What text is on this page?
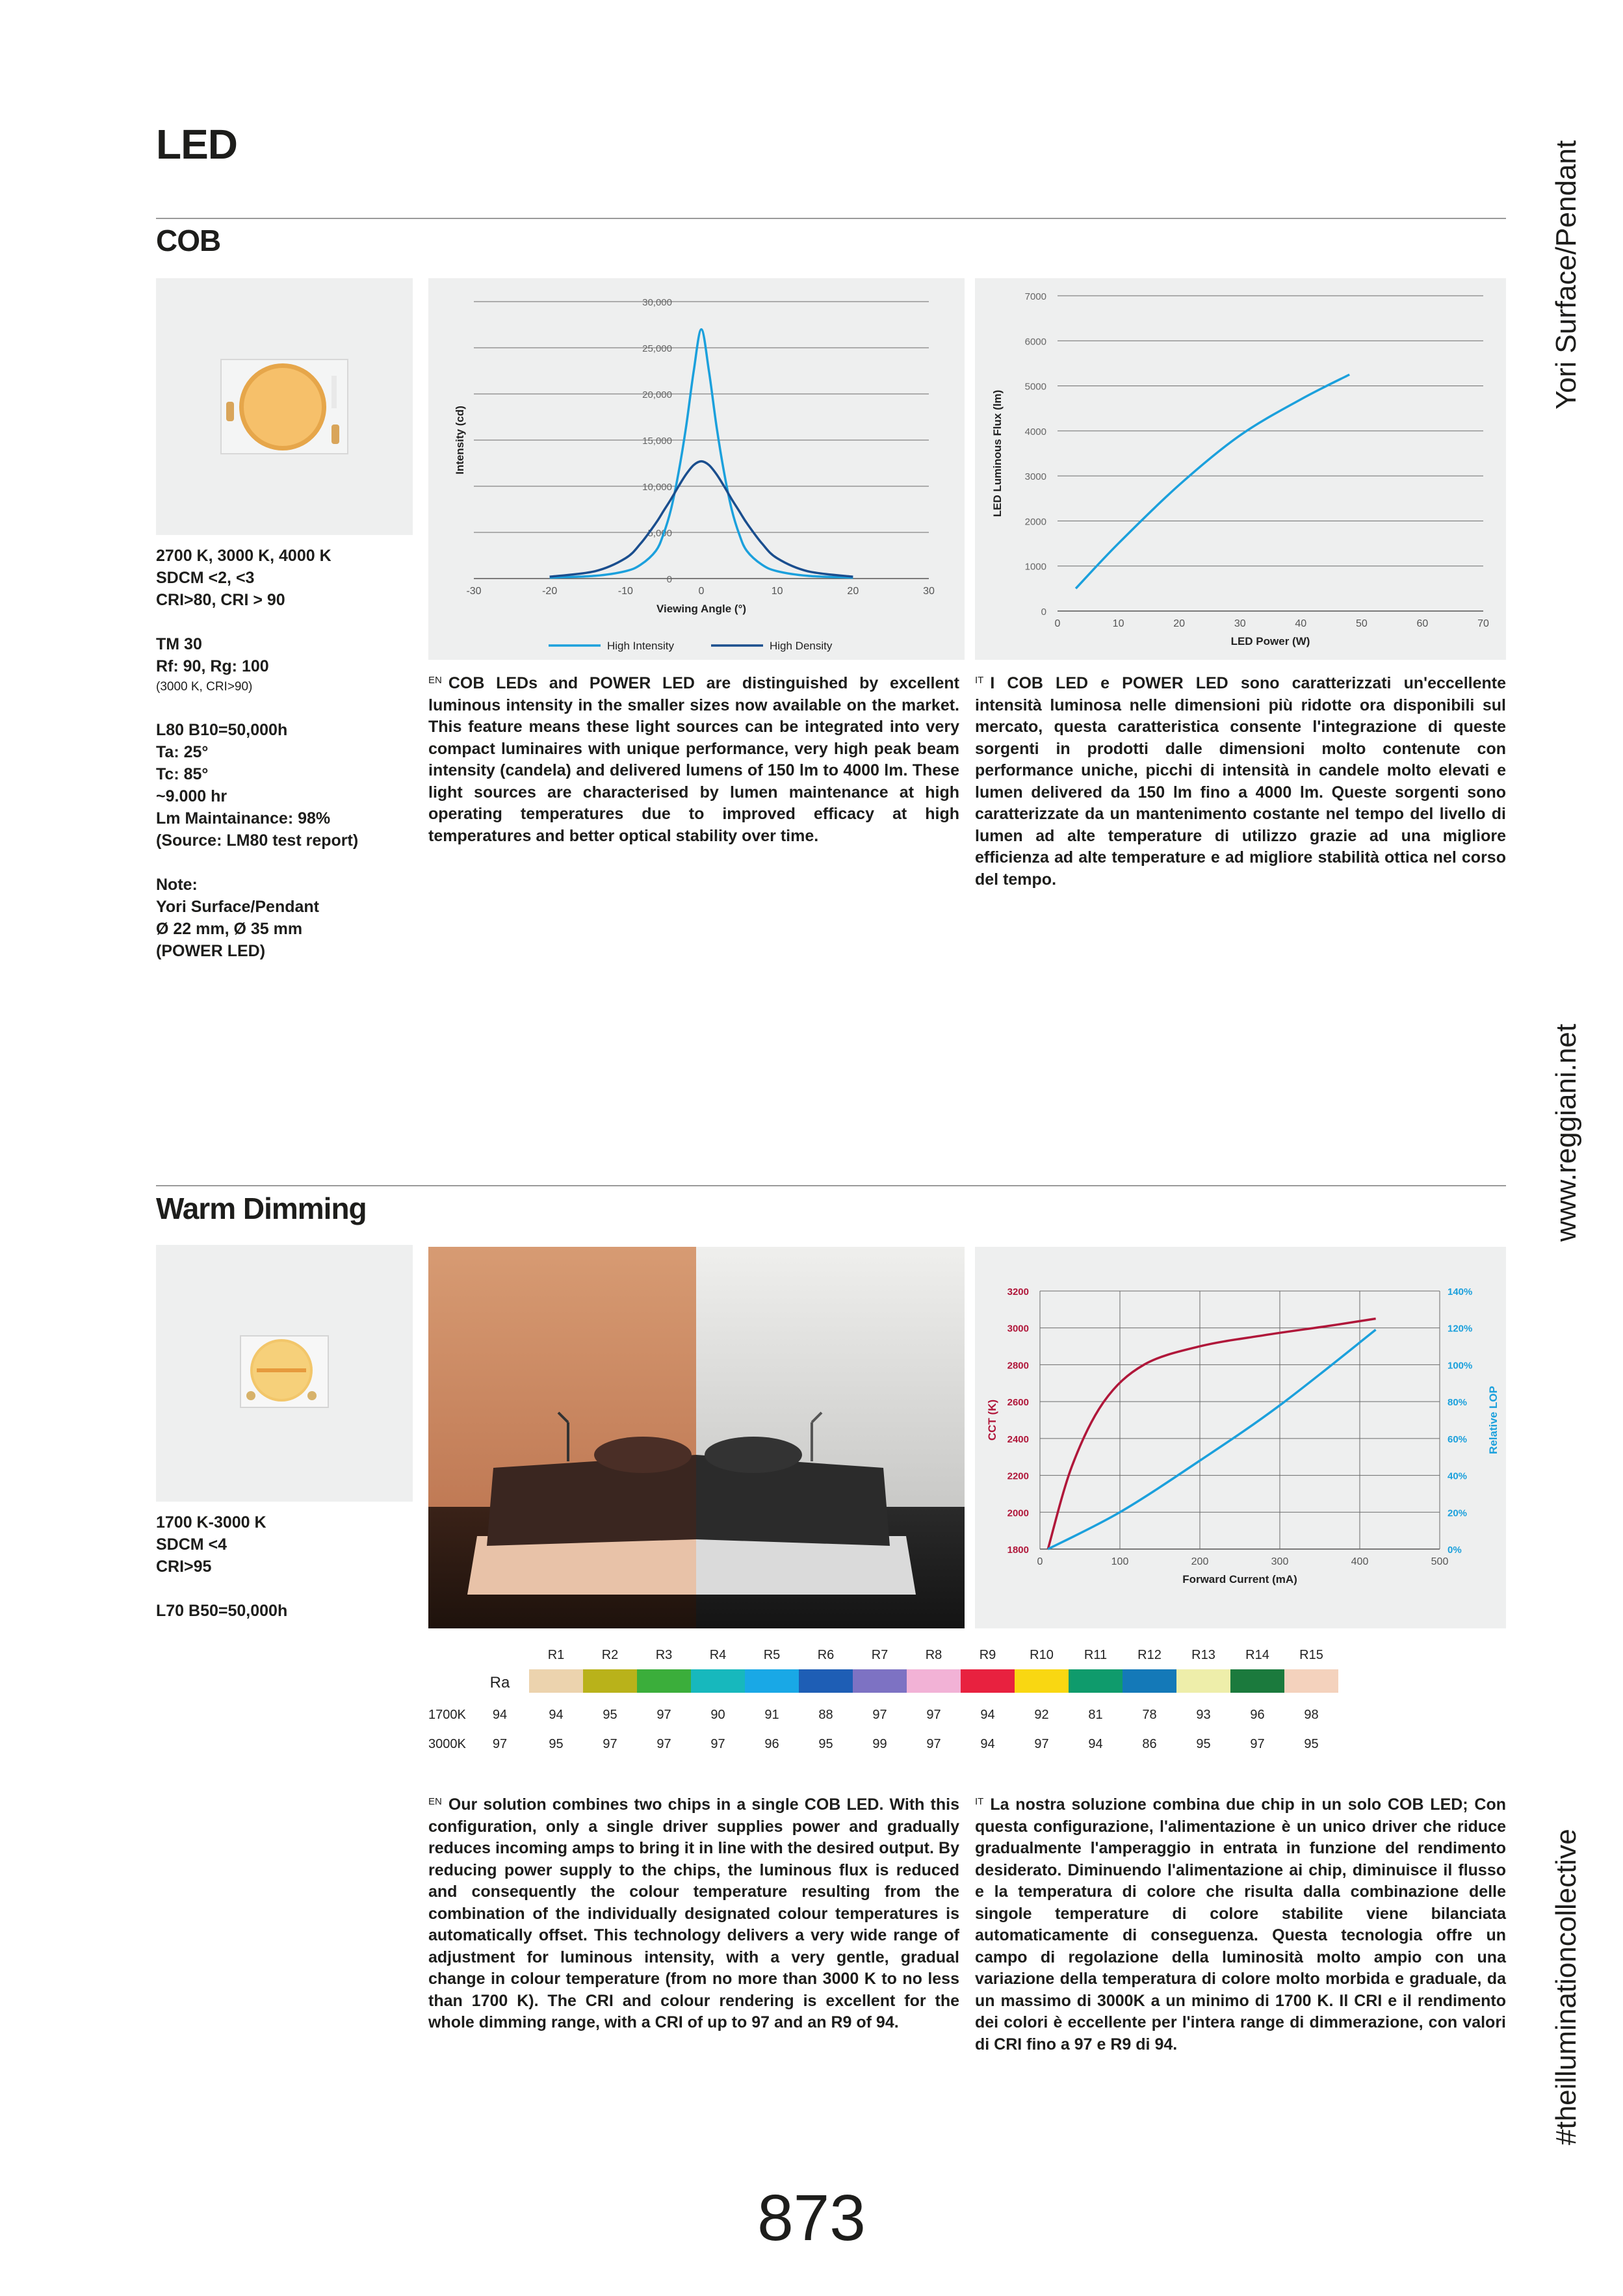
LED	Yori Surface/Pendant
www.reggiani.net
#theilluminationcollective
COB
2700 K, 3000 K, 4000 K
SDCM <2, <3
CRI>80, CRI > 90
TM 30
Rf: 90, Rg: 100
(3000 K, CRI>90)
L80 B10=50,000h
Ta: 25°
Tc: 85°
~9.000 hr
Lm Maintainance: 98%
(Source: LM80 test report)
Note:
Yori Surface/Pendant
Ø 22 mm, Ø 35 mm
(POWER LED)
0
5,000
10,000
15,000
20,000
25,000
30,000
-30	-20	-10	0	10	20	30
Viewing Angle (°)
Intensity (cd)
High Intensity	High Density
0
1000
2000
3000
4000
5000
6000
7000
0	10	20	30	40	50	60	70
LED Power (W)
LED Luminous Flux (lm)
$^{EN}$ COB LEDs and POWER LED are distinguished by excellent luminous intensity in the smaller sizes now available on the market. This feature means these light sources can be integrated into very compact luminaires with unique performance, very high peak beam intensity (candela) and delivered lumens of 150 lm to 4000 lm. These light sources are characterised by lumen maintenance at high operating temperatures due to improved efficacy at high temperatures and better optical stability over time.
$^{IT}$ I COB LED e POWER LED sono caratterizzati un'eccellente intensità luminosa nelle dimensioni più ridotte ora disponibili sul mercato, questa caratteristica consente l'integrazione di queste sorgenti in prodotti dalle dimensioni molto contenute con performance uniche, picchi di intensità in candele molto elevati e lumen delivered da 150 lm fino a 4000 lm. Queste sorgenti sono caratterizzate da un mantenimento costante nel tempo del livello di lumen ad alte temperature di utilizzo grazie ad una migliore efficienza ad alte temperature e ad migliore stabilità ottica nel corso del tempo.
Warm Dimming
1700 K-3000 K
SDCM <4
CRI>95
L70 B50=50,000h
1800
2000
2200
2400
2600
2800
3000
3200
0%
20%
40%
60%
80%
100%
120%
140%
0	100	200	300	400	500
Forward Current (mA)
CCT (K)	Relative LOP
R1	R2	R3	R4	R5	R6	R7	R8	R9	R10 R11 R12 R13 R14 R15
Ra
1700K 94	94	95	97	90	91	88	97	97	94	92	81	78	93	96	98
3000K 97	95	97	97	97	96	95	99	97	94	97	94	86	95	97	95
$^{EN}$ Our solution combines two chips in a single COB LED. With this configuration, only a single driver supplies power and gradually reduces incoming amps to bring it in line with the desired output. By reducing power supply to the chips, the luminous flux is reduced and consequently the colour temperature resulting from the combination of the individually designated colour temperatures is automatically offset. This technology delivers a very wide range of adjustment for luminous intensity, with a very gentle, gradual change in colour temperature (from no more than 3000 K to no less than 1700 K). The CRI and colour rendering is excellent for the whole dimming range, with a CRI of up to 97 and an R9 of 94.
$^{IT}$ La nostra soluzione combina due chip in un solo COB LED; Con questa configurazione, l'alimentazione è un unico driver che riduce gradualmente l'amperaggio in entrata in funzione del rendimento desiderato. Diminuendo l'alimentazione ai chip, diminuisce il flusso e la temperatura di colore che risulta dalla combinazione delle singole temperature di colore stabilite viene bilanciata automaticamente di conseguenza. Questa tecnologia offre un campo di regolazione della luminosità molto ampio con una variazione della temperatura di colore molto morbida e graduale, da un massimo di 3000K a un minimo di 1700 K. Il CRI e il rendimento dei colori è eccellente per l'intera range di dimmerazione, con valori di CRI fino a 97 e R9 di 94.
873
